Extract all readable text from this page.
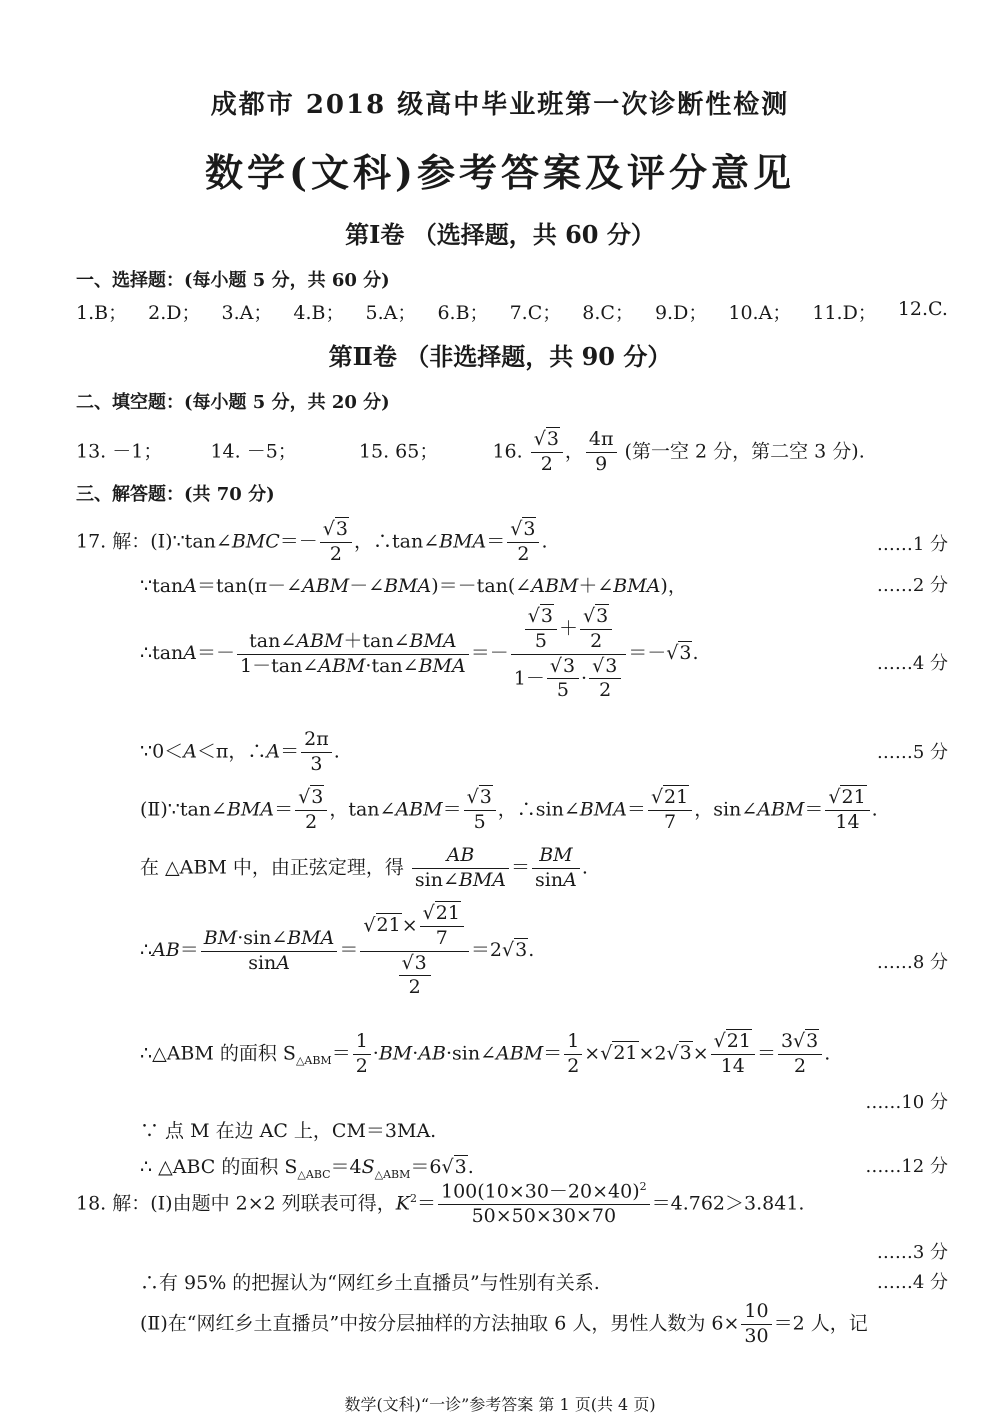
成都市 2018 级高中毕业班第一次诊断性检测
数学(文科)参考答案及评分意见
第Ⅰ卷 （选择题，共 60 分）
一、选择题：(每小题 5 分，共 60 分)
1.B； 2.D； 3.A； 4.B； 5.A； 6.B； 7.C； 8.C； 9.D； 10.A； 11.D； 12.C.
第Ⅱ卷 （非选择题，共 90 分）
二、填空题：(每小题 5 分，共 20 分)
13. －1；	14. －5；	15. 65；	16. $\frac{√3}{2}$ ， $\frac{4\pi}{9}$ (第一空 2 分，第二空 3 分).
三、解答题：(共 70 分)
17. 解：(Ⅰ)∵tan∠BMC＝－ $\frac{√3}{2}$ ，∴tan∠BMA＝ $\frac{√3}{2}$ .	……1 分
∵tanA＝tan(π－∠ABM－∠BMA)＝－tan(∠ABM＋∠BMA)，	……2 分
∴tanA＝－ $\frac{\text{tan∠ABM＋tan∠BMA}}{\text{1－tan∠ABM·tan∠BMA}} =- \frac{\frac{√3}{5} + \frac{√3}{2}}{1- \frac{√3}{5} \cdot \frac{√3}{2}} =-√3$.	……4 分
∵0＜A＜π，∴A＝ $\frac{2\pi}{3}$ .	……5 分
(Ⅱ)∵tan∠BMA＝ $\frac{√3}{2}$ ，tan∠ABM＝ $\frac{√3}{5}$ ，∴sin∠BMA＝ $\frac{√21}{7}$ ，sin∠ABM＝ $\frac{√21}{14}$ .
在 △ABM 中，由正弦定理，得 $\frac{AB}{\text{sin∠BMA}} = \frac{BM}{\sin A}$ .
∴AB＝ $\frac{\text{BM·sin∠BMA}}{\sin A} = \frac{√21\times \frac{√21}{7}}{\frac{√3}{2}} =2√3$.
……8 分
∴△ABM 的面积 $S_{\triangle ABM}= \frac{1}{2}$ ·BM·AB·sin∠ABM＝ $\frac{1}{2} \times√21\times 2√3\times \frac{√21}{14} = \frac{3√3}{2}$ .
……10 分
∵ 点 M 在边 AC 上，CM＝3MA.
∴ △ABC 的面积 $S_{\triangle ABC}=4S_{\triangle ABM}=6√3$.	……12 分
18. 解：(Ⅰ)由题中 2×2 列联表可得，$K^2= \frac{100(10\times 30-20\times 40)^2}{50\times 50\times 30\times 70} =4.762>3.841$.
……3 分
∴有 95% 的把握认为“网红乡土直播员”与性别有关系.	……4 分
(Ⅱ)在“网红乡土直播员”中按分层抽样的方法抽取 6 人，男性人数为 $6\times \frac{10}{30} =2$ 人，记
数学(文科)“一诊”参考答案 第 1 页(共 4 页)
